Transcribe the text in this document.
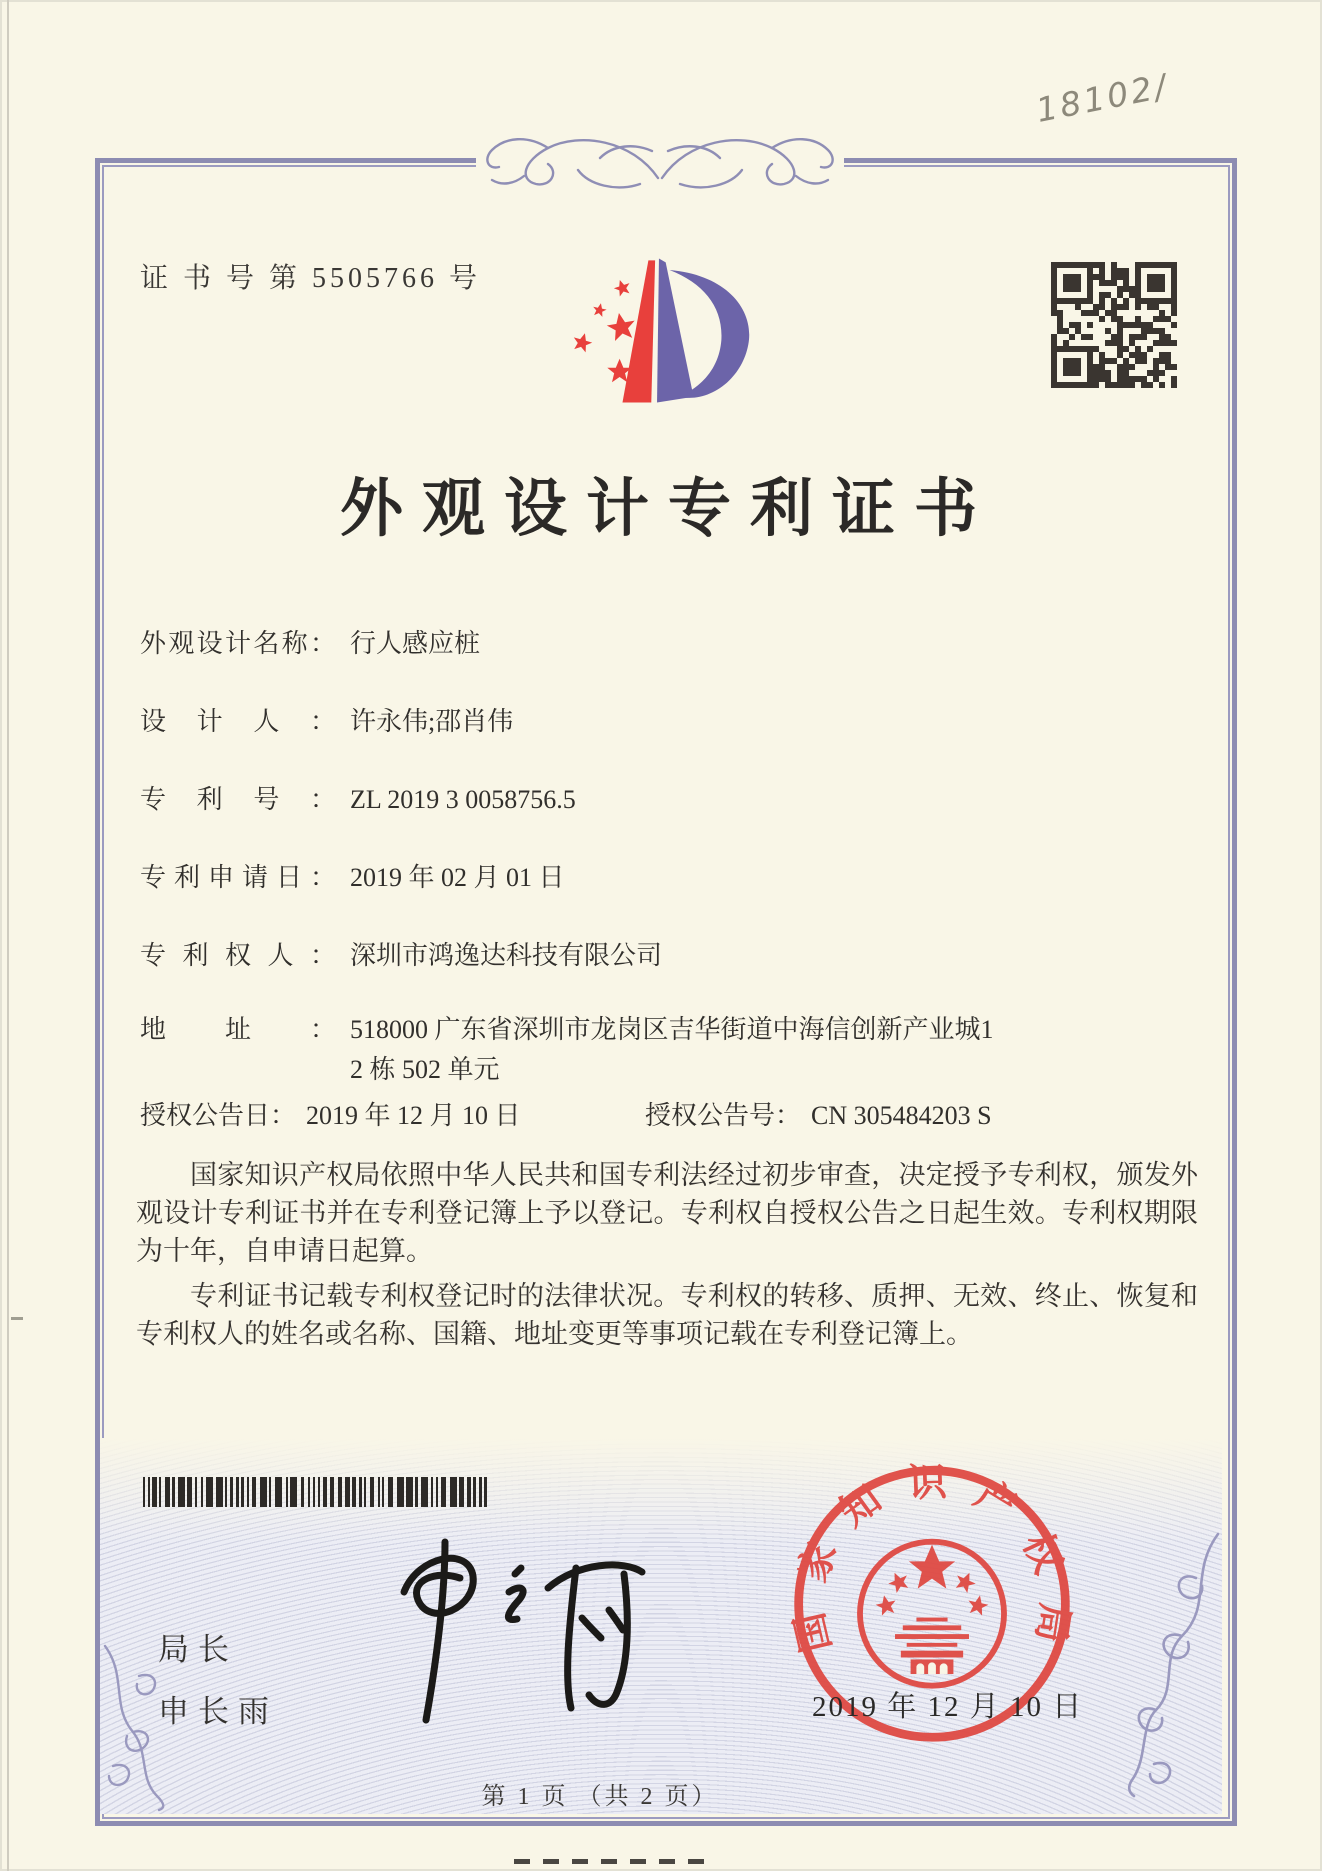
18102/
证 书 号 第 5505766 号
外观设计专利证书
外观设计名称： 行人感应桩
设计人： 许永伟;邵肖伟
专利号： ZL 2019 3 0058756.5
专利申请日： 2019 年 02 月 01 日
专利权人： 深圳市鸿逸达科技有限公司
地址： 518000 广东省深圳市龙岗区吉华街道中海信创新产业城1
2 栋 502 单元
授权公告日： 2019 年 12 月 10 日	授权公告号： CN 305484203 S

国家知识产权局依照中华人民共和国专利法经过初步审查，决定授予专利权，颁发外观设计专利证书并在专利登记簿上予以登记。专利权自授权公告之日起生效。专利权期限为十年，自申请日起算。

专利证书记载专利权登记时的法律状况。专利权的转移、质押、无效、终止、恢复和专利权人的姓名或名称、国籍、地址变更等事项记载在专利登记簿上。

局长
申长雨
国家知识产权局
2019 年 12 月 10 日
第 1 页 （共 2 页）
